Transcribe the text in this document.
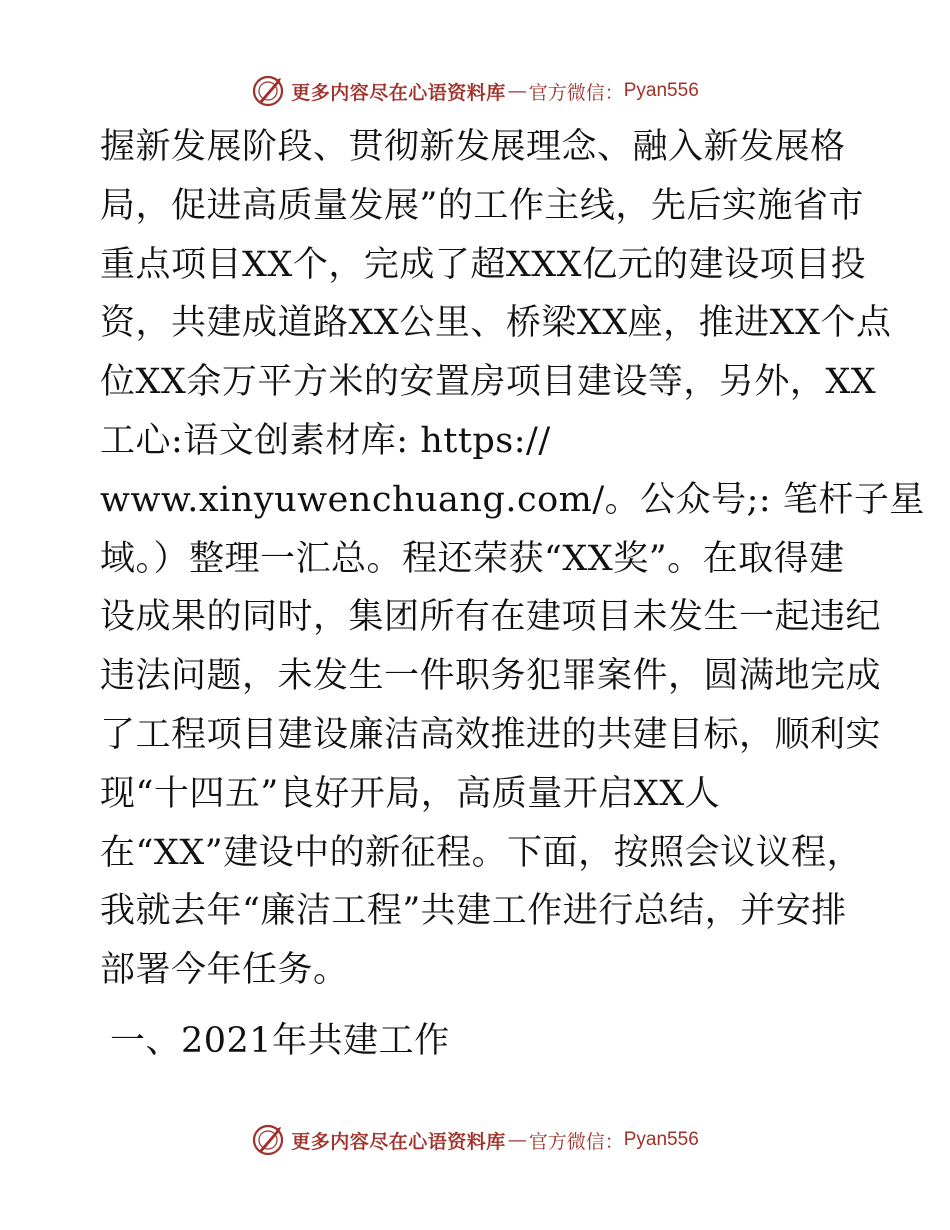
更多内容尽在心语资料库 — 官方微信： Pyan556
握新发展阶段、贯彻新发展理念、融入新发展格
局，促进高质量发展”的工作主线，先后实施省市
重点项目XX个，完成了超XXX亿元的建设项目投
资，共建成道路XX公里、桥梁XX座，推进XX个点
位XX余万平方米的安置房项目建设等，另外，XX
工心:语文创素材库: https://
www.xinyuwenchuang.com/。公众号;: 笔杆子星
域。）整理一汇总。程还荣获“XX奖”。在取得建
设成果的同时，集团所有在建项目未发生一起违纪
违法问题，未发生一件职务犯罪案件，圆满地完成
了工程项目建设廉洁高效推进的共建目标，顺利实
现“十四五”良好开局，高质量开启XX人
在“XX”建设中的新征程。下面，按照会议议程，
我就去年“廉洁工程”共建工作进行总结，并安排
部署今年任务。
一、2021年共建工作
更多内容尽在心语资料库 — 官方微信： Pyan556
